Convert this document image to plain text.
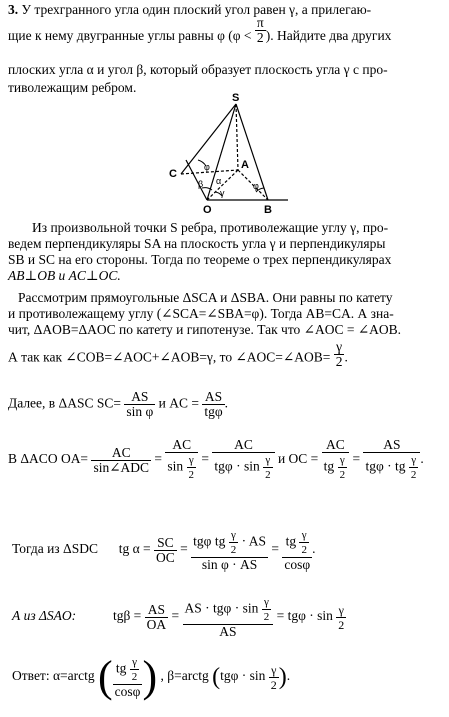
3. У трехгранного угла один плоский угол равен γ, а прилегаю-
щие к нему двугранные углы равны φ ($\varphi < \frac{\pi}{2}$ ). Найдите два других
плоских угла α и угол β, который образует плоскость угла γ с про-
тиволежащим ребром.
S
A
C
O	B
φ
φ
β α
γ
Из произвольной точки S ребра, противолежащие углу γ, про-
ведем перпендикуляры SA на плоскость угла γ и перпендикуляры
SB и SC на его стороны. Тогда по теореме о трех перпендикулярах
AB⊥OB и AC⊥OC.
Рассмотрим прямоугольные ΔSCA и ΔSBA. Они равны по катету
и противолежащему углу (∠SCA=∠SBA=φ). Тогда AB=CA. А зна-
чит, ΔAOB=ΔAOC по катету и гипотенузе. Так что ∠AOC = ∠AOB.
А так как ∠COB=∠AOC+∠AOB=γ, то ∠AOC=∠AOB= $\frac{\gamma}{2}$ .
Далее, в ΔASC $SC= \frac{AS}{\text{sin φ}}$ и AC = $\frac{AS}{\text{tgφ}}$ .
В ΔACO $OA= \frac{AC}{\text{sin∠ADC}} = \frac{AC}{\sin \frac{\gamma}{2}} = \frac{AC}{tg\varphi \cdot \sin \frac{\gamma}{2}}$ и OC = $\frac{AC}{tg \frac{\gamma}{2}} = \frac{AS}{tg\varphi \cdot tg \frac{\gamma}{2}}$ .
Тогда из ΔSDC tg $\alpha = \frac{SC}{OC} = \frac{tg\varphi tg \frac{\gamma}{2} \cdot AS}{\text{sin φ · AS}} = \frac{tg \frac{\gamma}{2}}{\cos\varphi}$ .
А из ΔSAO:	$tg\beta = \frac{AS}{OA} = \frac{AS \cdot tg\varphi \cdot \sin \frac{\gamma}{2}}{AS} = tg\varphi \cdot \sin \frac{\gamma}{2}$
Ответ: α=arctg ( $\frac{tg \frac{\gamma}{2}}{\cos\varphi}$ ) , β=arctg ($tg\varphi \cdot \sin \frac{\gamma}{2}$ ).
